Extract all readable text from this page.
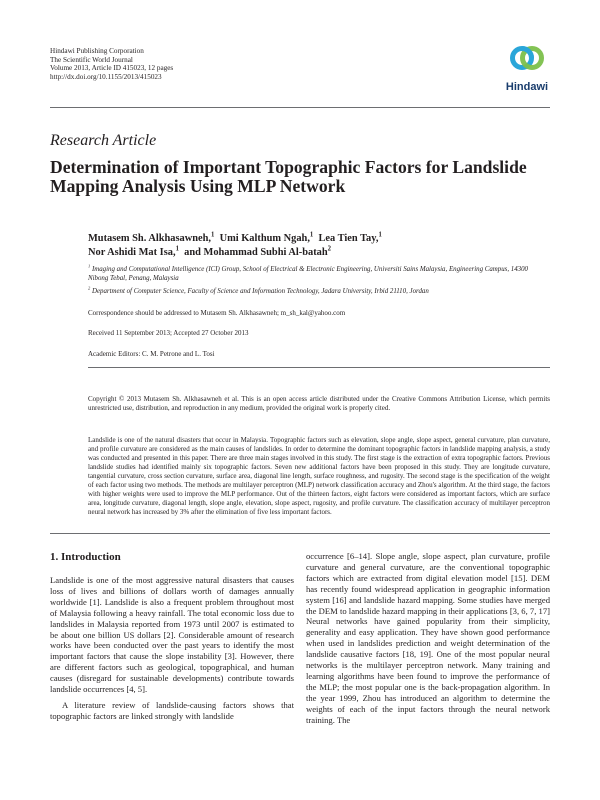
Hindawi Publishing Corporation
The Scientific World Journal
Volume 2013, Article ID 415023, 12 pages
http://dx.doi.org/10.1155/2013/415023
Hindawi
Research Article
Determination of Important Topographic Factors for Landslide Mapping Analysis Using MLP Network
Mutasem Sh. Alkhasawneh,$^1$ Umi Kalthum Ngah,$^1$ Lea Tien Tay,$^1$
Nor Ashidi Mat Isa,$^1$ and Mohammad Subhi Al-batah$^2$
$^1$ Imaging and Computational Intelligence (ICI) Group, School of Electrical & Electronic Engineering, Universiti Sains Malaysia, Engineering Campus, 14300 Nibong Tebal, Penang, Malaysia
$^2$ Department of Computer Science, Faculty of Science and Information Technology, Jadara University, Irbid 21110, Jordan
Correspondence should be addressed to Mutasem Sh. Alkhasawneh; m_sh_kal@yahoo.com
Received 11 September 2013; Accepted 27 October 2013
Academic Editors: C. M. Petrone and L. Tosi
Copyright © 2013 Mutasem Sh. Alkhasawneh et al. This is an open access article distributed under the Creative Commons Attribution License, which permits unrestricted use, distribution, and reproduction in any medium, provided the original work is properly cited.
Landslide is one of the natural disasters that occur in Malaysia. Topographic factors such as elevation, slope angle, slope aspect, general curvature, plan curvature, and profile curvature are considered as the main causes of landslides. In order to determine the dominant topographic factors in landslide mapping analysis, a study was conducted and presented in this paper. There are three main stages involved in this study. The first stage is the extraction of extra topographic factors. Previous landslide studies had identified mainly six topographic factors. Seven new additional factors have been proposed in this study. They are longitude curvature, tangential curvature, cross section curvature, surface area, diagonal line length, surface roughness, and rugosity. The second stage is the specification of the weight of each factor using two methods. The methods are multilayer perceptron (MLP) network classification accuracy and Zhou's algorithm. At the third stage, the factors with higher weights were used to improve the MLP performance. Out of the thirteen factors, eight factors were considered as important factors, which are surface area, longitude curvature, diagonal length, slope angle, elevation, slope aspect, rugosity, and profile curvature. The classification accuracy of multilayer perceptron neural network has increased by 3% after the elimination of five less important factors.
1. Introduction

Landslide is one of the most aggressive natural disasters that causes loss of lives and billions of dollars worth of damages annually worldwide [1]. Landslide is also a frequent problem throughout most of Malaysia following a heavy rainfall. The total economic loss due to landslides in Malaysia reported from 1973 until 2007 is estimated to be about one billion US dollars [2]. Considerable amount of research works have been conducted over the past years to identify the most important factors that cause the slope instability [3]. However, there are different factors such as geological, topographical, and human causes (disregard for sustainable developments) contribute towards landslide occurrences [4, 5].

A literature review of landslide-causing factors shows that topographic factors are linked strongly with landslide

occurrence [6–14]. Slope angle, slope aspect, plan curvature, profile curvature and general curvature, are the conventional topographic factors which are extracted from digital elevation model [15]. DEM has recently found widespread application in geographic information system [16] and landslide hazard mapping. Some studies have merged the DEM to landslide hazard mapping in their applications [3, 6, 7, 17] Neural networks have gained popularity from their simplicity, generality and easy application. They have shown good performance when used in landslides prediction and weight determination of the landslide causative factors [18, 19]. One of the most popular neural networks is the multilayer perceptron network. Many training and learning algorithms have been found to improve the performance of the MLP; the most popular one is the back-propagation algorithm. In the year 1999, Zhou has introduced an algorithm to determine the weights of each of the input factors through the neural network training. The
